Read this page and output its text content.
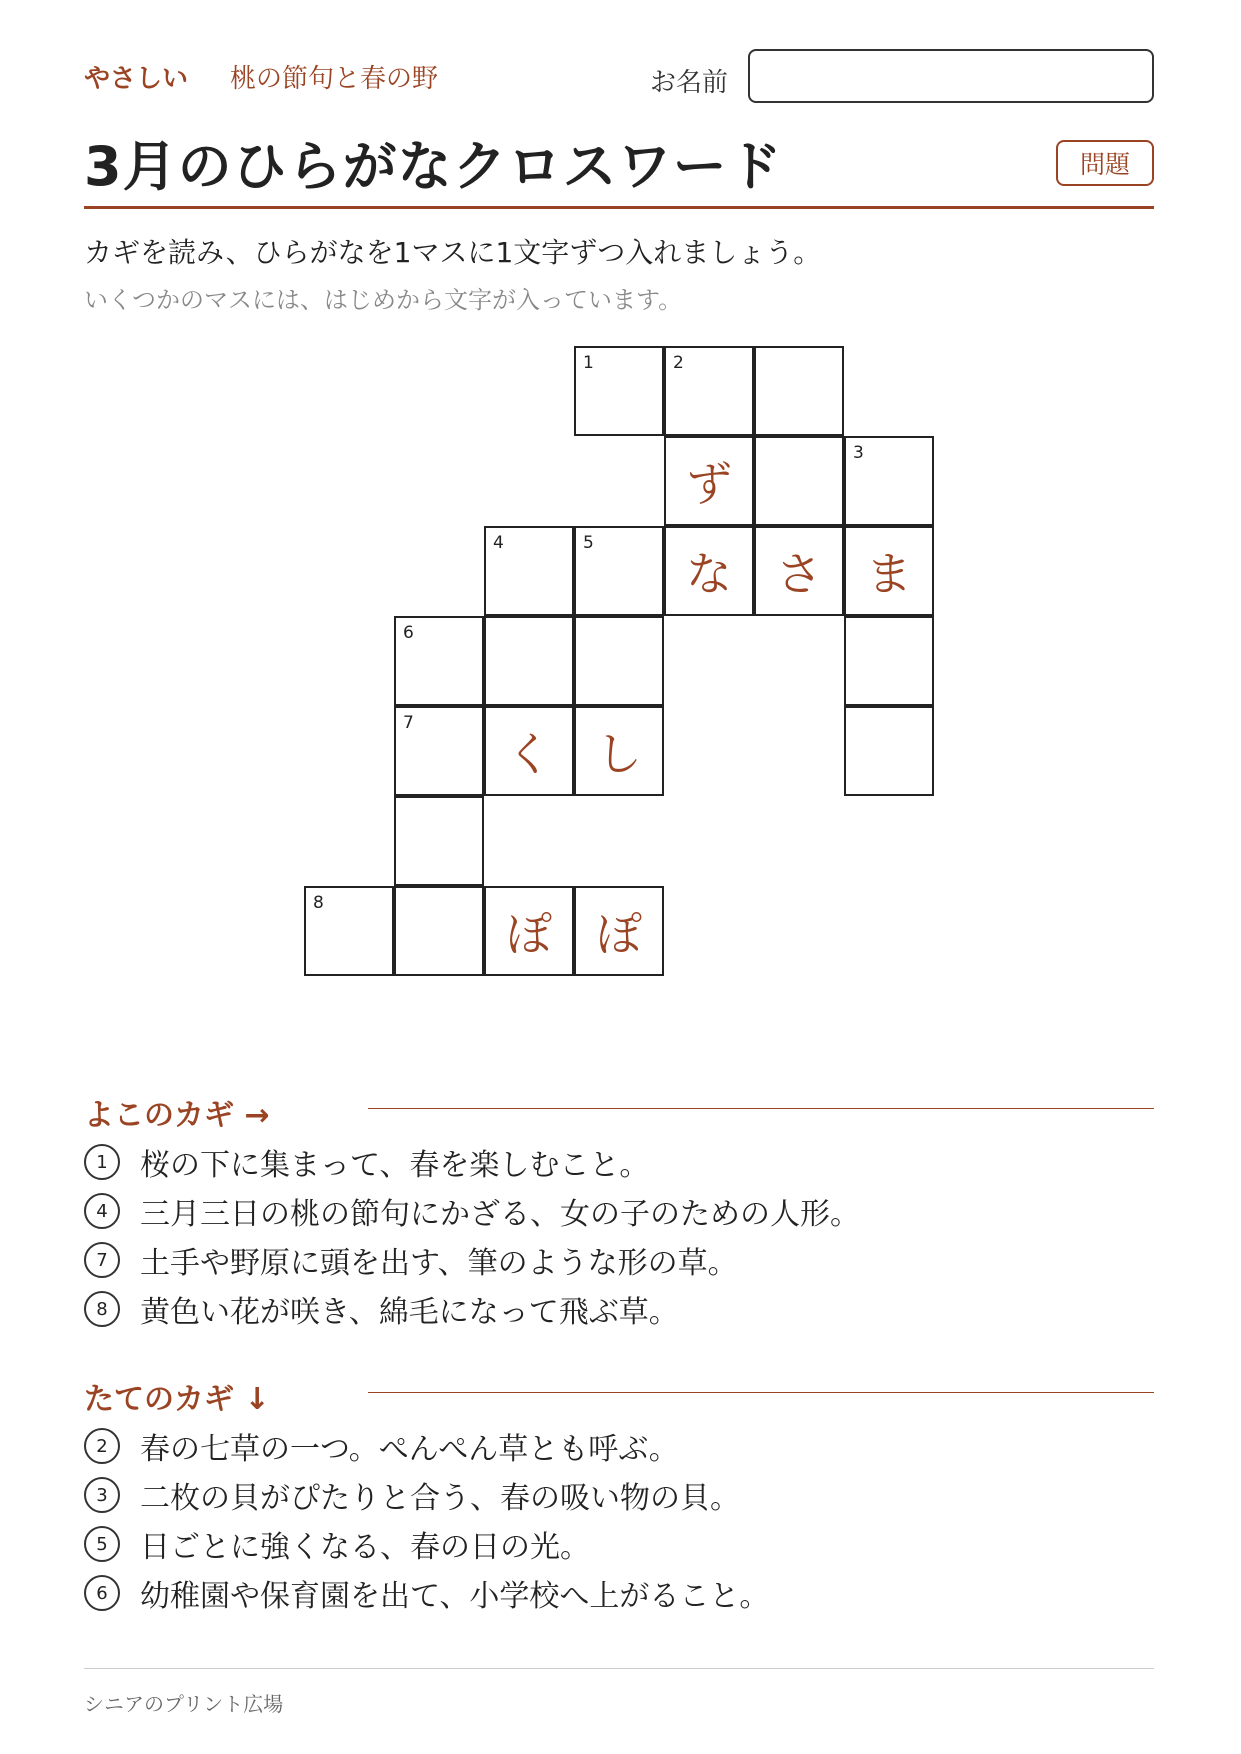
やさしい 桃の節句と春の野	お名前
3月のひらがなクロスワード	問題
カギを読み、ひらがなを1マスに1文字ずつ入れましょう。
いくつかのマスには、はじめから文字が入っています。
1	2
ず
3
4	5
な さ ま
6
7
く し
8
ぽ ぽ
よこのカギ →
1	桜の下に集まって、春を楽しむこと。
4	三月三日の桃の節句にかざる、女の子のための人形。
7	土手や野原に頭を出す、筆のような形の草。
8	黄色い花が咲き、綿毛になって飛ぶ草。
たてのカギ ↓
2	春の七草の一つ。ぺんぺん草とも呼ぶ。
3	二枚の貝がぴたりと合う、春の吸い物の貝。
5	日ごとに強くなる、春の日の光。
6	幼稚園や保育園を出て、小学校へ上がること。
シニアのプリント広場
